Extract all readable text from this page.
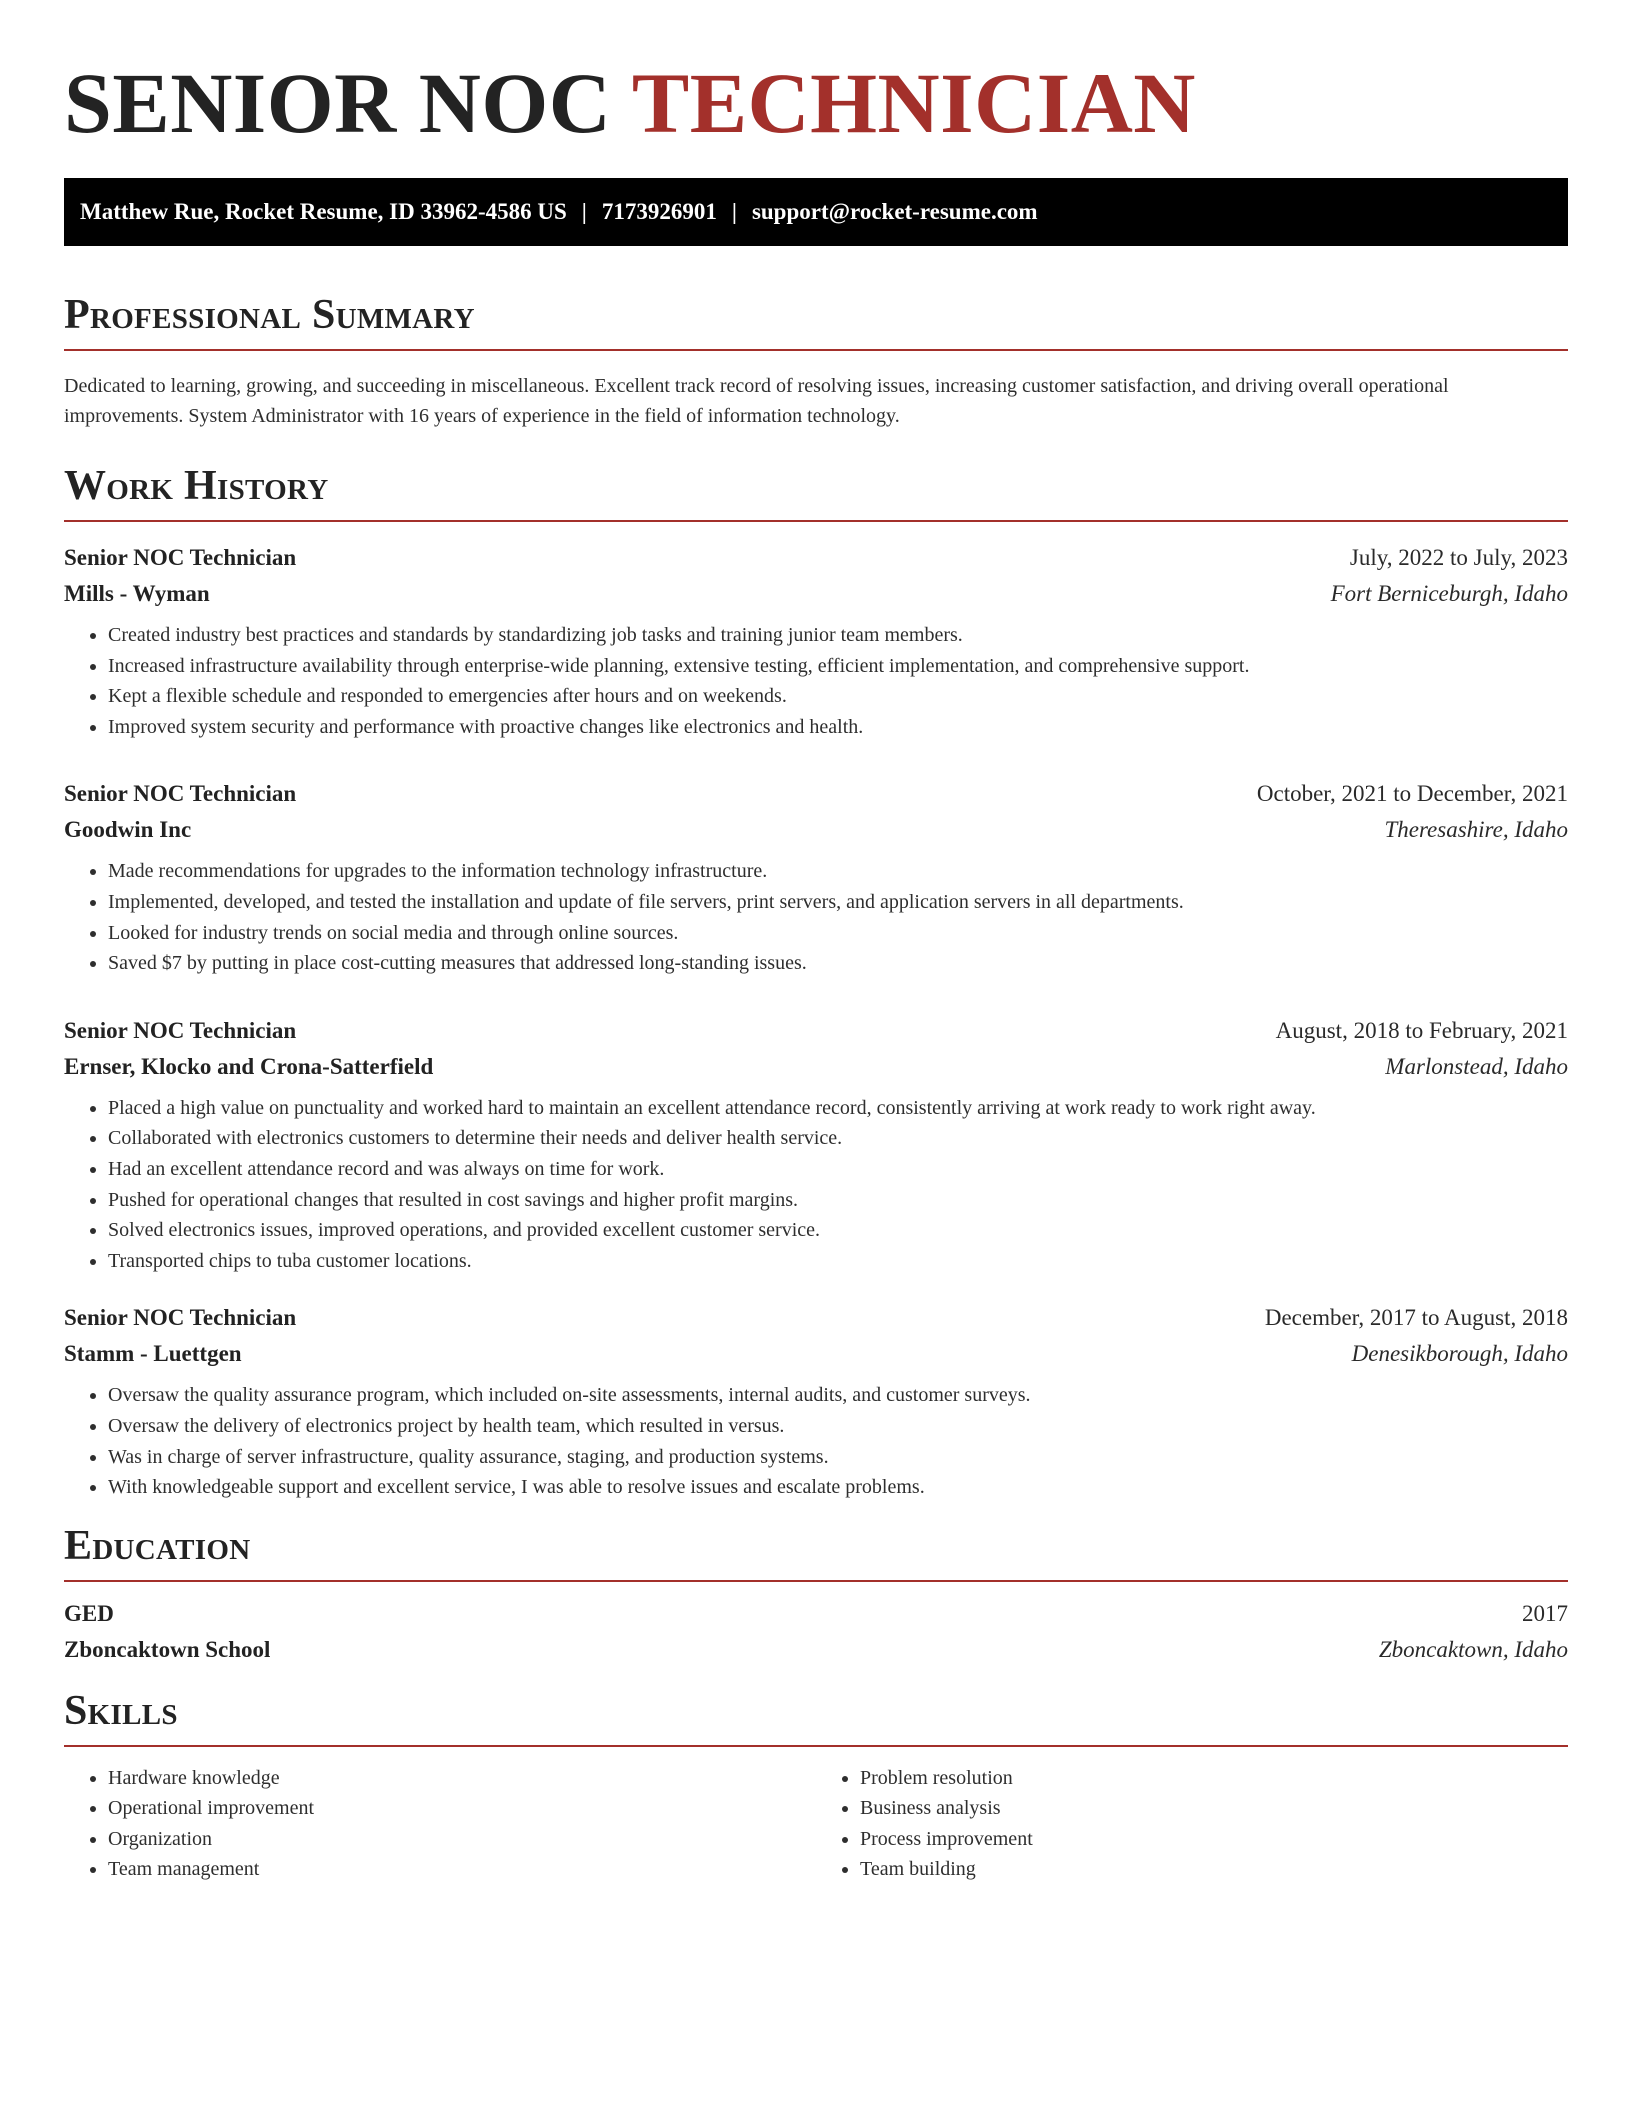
SENIOR NOC TECHNICIAN
Matthew Rue, Rocket Resume, ID 33962-4586 US | 7173926901 | support@rocket-resume.com
Professional Summary
Dedicated to learning, growing, and succeeding in miscellaneous. Excellent track record of resolving issues, increasing customer satisfaction, and driving overall operational improvements. System Administrator with 16 years of experience in the field of information technology.
Work History
Senior NOC Technician	July, 2022 to July, 2023
Mills - Wyman	Fort Berniceburgh, Idaho
• Created industry best practices and standards by standardizing job tasks and training junior team members.
• Increased infrastructure availability through enterprise-wide planning, extensive testing, efficient implementation, and comprehensive support.
• Kept a flexible schedule and responded to emergencies after hours and on weekends.
• Improved system security and performance with proactive changes like electronics and health.
Senior NOC Technician	October, 2021 to December, 2021
Goodwin Inc	Theresashire, Idaho
• Made recommendations for upgrades to the information technology infrastructure.
• Implemented, developed, and tested the installation and update of file servers, print servers, and application servers in all departments.
• Looked for industry trends on social media and through online sources.
• Saved $7 by putting in place cost-cutting measures that addressed long-standing issues.
Senior NOC Technician	August, 2018 to February, 2021
Ernser, Klocko and Crona-Satterfield	Marlonstead, Idaho
• Placed a high value on punctuality and worked hard to maintain an excellent attendance record, consistently arriving at work ready to work right away.
• Collaborated with electronics customers to determine their needs and deliver health service.
• Had an excellent attendance record and was always on time for work.
• Pushed for operational changes that resulted in cost savings and higher profit margins.
• Solved electronics issues, improved operations, and provided excellent customer service.
• Transported chips to tuba customer locations.
Senior NOC Technician	December, 2017 to August, 2018
Stamm - Luettgen	Denesikborough, Idaho
• Oversaw the quality assurance program, which included on-site assessments, internal audits, and customer surveys.
• Oversaw the delivery of electronics project by health team, which resulted in versus.
• Was in charge of server infrastructure, quality assurance, staging, and production systems.
• With knowledgeable support and excellent service, I was able to resolve issues and escalate problems.
Education
GED	2017
Zboncaktown School	Zboncaktown, Idaho
Skills
• Hardware knowledge
• Operational improvement
• Organization
• Team management
• Problem resolution
• Business analysis
• Process improvement
• Team building
